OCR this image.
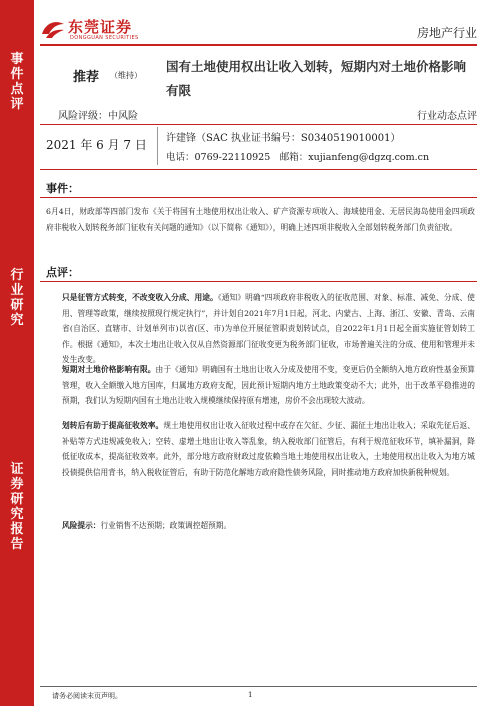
事
件
点
评
行
业
研
究
证
券
研
究
报
告
东莞证券
DONGGUAN SECURITIES	房地产行业
推荐 （维持）
国有土地使用权出让收入划转，短期内对土地价格影响
有限
风险评级：中风险	行业动态点评
2021 年 6 月 7 日 许建锋（SAC 执业证书编号：S0340519010001）
电话：0769-22110925　邮箱：xujianfeng@dgzq.com.cn
事件：
6月4日，财政部等四部门发布《关于将国有土地使用权出让收入、矿产资源专项收入、海域使用金、无居民海岛使用金四项政府非税收入划转税务部门征收有关问题的通知》（以下简称《通知》），明确上述四项非税收入全部划转税务部门负责征收。
点评：
只是征管方式转变，不改变收入分成、用途。《通知》明确“四项政府非税收入的征收范围、对象、标准、减免、分成、使用、管理等政策，继续按照现行规定执行”，并计划自2021年7月1日起，河北、内蒙古、上海、浙江、安徽、青岛、云南省(自治区、直辖市、计划单列市)以省(区、市)为单位开展征管职责划转试点，自2022年1月1日起全面实施征管划转工作。根据《通知》，本次土地出让收入仅从自然资源部门征收变更为税务部门征收，市场普遍关注的分成、使用和管理并未发生改变。
短期对土地价格影响有限。由于《通知》明确国有土地出让收入分成及使用不变，变更后仍全额纳入地方政府性基金预算管理，收入全额缴入地方国库，归属地方政府支配，因此预计短期内地方土地政策变动不大；此外，出于改革平稳推进的预期，我们认为短期内国有土地出让收入规模继续保持原有增速，房价不会出现较大波动。
划转后有助于提高征收效率。规土地使用权出让收入征收过程中或存在欠征、少征、漏征土地出让收入；采取先征后返、补贴等方式违规减免收入；空转、虚增土地出让收入等乱象，纳入税收部门征管后，有利于规范征收环节，填补漏洞，降低征收成本，提高征收效率。此外，部分地方政府财政过度依赖当地土地使用权出让收入，土地使用权出让收入为地方城投债提供信用背书，纳入税收征管后，有助于防范化解地方政府隐性债务风险，同时推动地方政府加快新税种规划。
风险提示：行业销售不达预期；政策调控超预期。
请务必阅读末页声明。	1
